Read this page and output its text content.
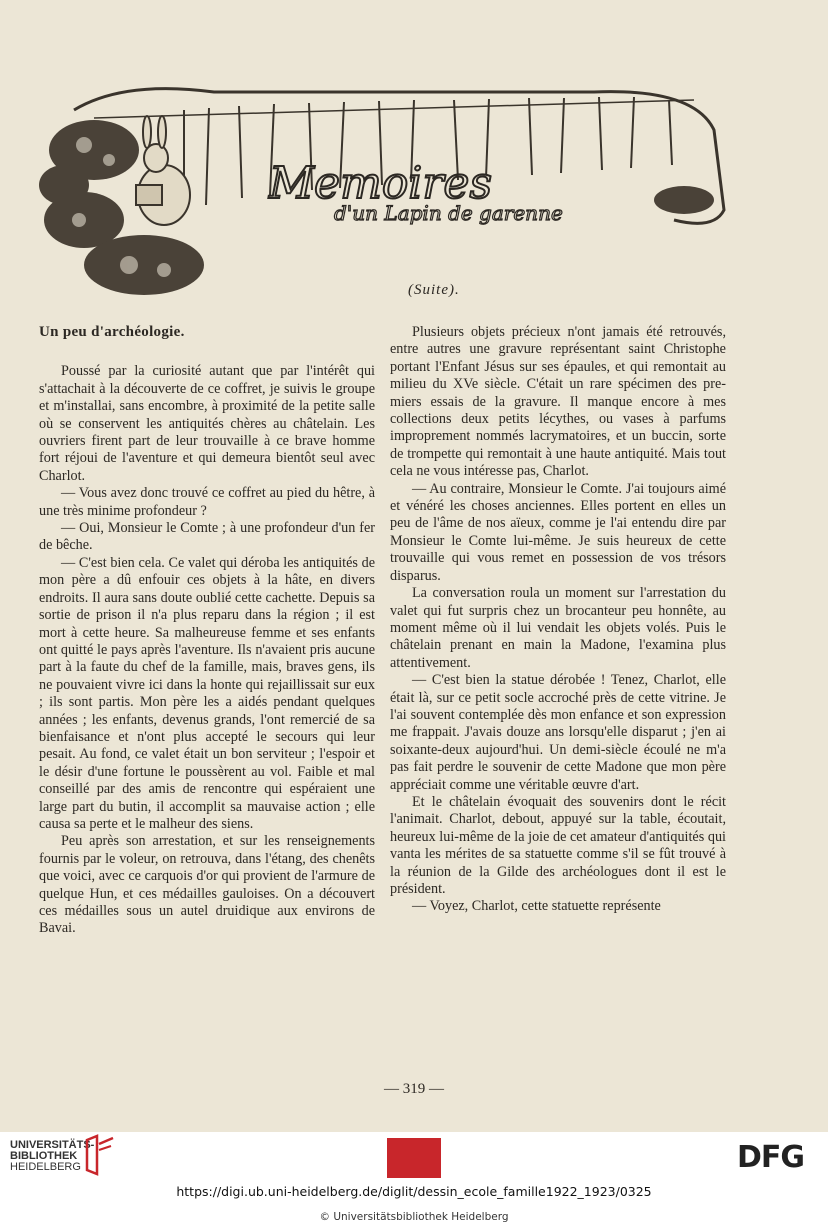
Memoires
d'un Lapin de garenne
(Suite).
Un peu d'archéologie.

Poussé par la curiosité autant que par l'intérêt qui s'attachait à la découverte de ce coffret, je suivis le groupe et m'installai, sans encombre, à proximité de la petite salle où se conservent les antiquités chères au châtelain. Les ouvriers firent part de leur trouvaille à ce brave homme fort réjoui de l'aventure et qui demeura bientôt seul avec Charlot.

— Vous avez donc trouvé ce coffret au pied du hêtre, à une très minime profondeur ?

— Oui, Monsieur le Comte ; à une profondeur d'un fer de bêche.

— C'est bien cela. Ce valet qui déroba les antiquités de mon père a dû enfouir ces objets à la hâte, en divers endroits. Il aura sans doute oublié cette cachette. Depuis sa sortie de prison il n'a plus reparu dans la région ; il est mort à cette heure. Sa malheureuse femme et ses enfants ont quitté le pays après l'aventure. Ils n'avaient pris aucune part à la faute du chef de la famille, mais, braves gens, ils ne pouvaient vivre ici dans la honte qui rejaillissait sur eux ; ils sont partis. Mon père les a aidés pendant quelques années ; les enfants, devenus grands, l'ont remercié de sa bienfaisance et n'ont plus accepté le secours qui leur pesait. Au fond, ce valet était un bon serviteur ; l'espoir et le désir d'une fortune le poussèrent au vol. Faible et mal conseillé par des amis de rencontre qui espéraient une large part du butin, il accomplit sa mauvaise action ; elle causa sa perte et le malheur des siens.

Peu après son arrestation, et sur les renseignements fournis par le voleur, on retrouva, dans l'étang, des chenêts que voici, avec ce carquois d'or qui provient de l'armure de quelque Hun, et ces médailles gauloises. On a découvert ces médailles sous un autel druidique aux environs de Bavai.

Plusieurs objets précieux n'ont jamais été retrouvés, entre autres une gravure représentant saint Christophe portant l'Enfant Jésus sur ses épaules, et qui remontait au milieu du XVe siècle. C'était un rare spécimen des premiers essais de la gravure. Il manque encore à mes collections deux petits lécythes, ou vases à parfums improprement nommés lacrymatoires, et un buccin, sorte de trompette qui remontait à une haute antiquité. Mais tout cela ne vous intéresse pas, Charlot.

— Au contraire, Monsieur le Comte. J'ai toujours aimé et vénéré les choses anciennes. Elles portent en elles un peu de l'âme de nos aïeux, comme je l'ai entendu dire par Monsieur le Comte lui-même. Je suis heureux de cette trouvaille qui vous remet en possession de vos trésors disparus.

La conversation roula un moment sur l'arrestation du valet qui fut surpris chez un brocanteur peu honnête, au moment même où il lui vendait les objets volés. Puis le châtelain prenant en main la Madone, l'examina plus attentivement.

— C'est bien la statue dérobée ! Tenez, Charlot, elle était là, sur ce petit socle accroché près de cette vitrine. Je l'ai souvent contemplée dès mon enfance et son expression me frappait. J'avais douze ans lorsqu'elle disparut ; j'en ai soixante-deux aujourd'hui. Un demi-siècle écoulé ne m'a pas fait perdre le souvenir de cette Madone que mon père appréciait comme une véritable œuvre d'art.

Et le châtelain évoquait des souvenirs dont le récit l'animait. Charlot, debout, appuyé sur la table, écoutait, heureux lui-même de la joie de cet amateur d'antiquités qui vanta les mérites de sa statuette comme s'il se fût trouvé à la réunion de la Gilde des archéologues dont il est le président.

— Voyez, Charlot, cette statuette représente

— 319 —
UNIVERSITÄTS-
BIBLIOTHEK
HEIDELBERG	DFG
https://digi.ub.uni-heidelberg.de/diglit/dessin_ecole_famille1922_1923/0325
© Universitätsbibliothek Heidelberg
